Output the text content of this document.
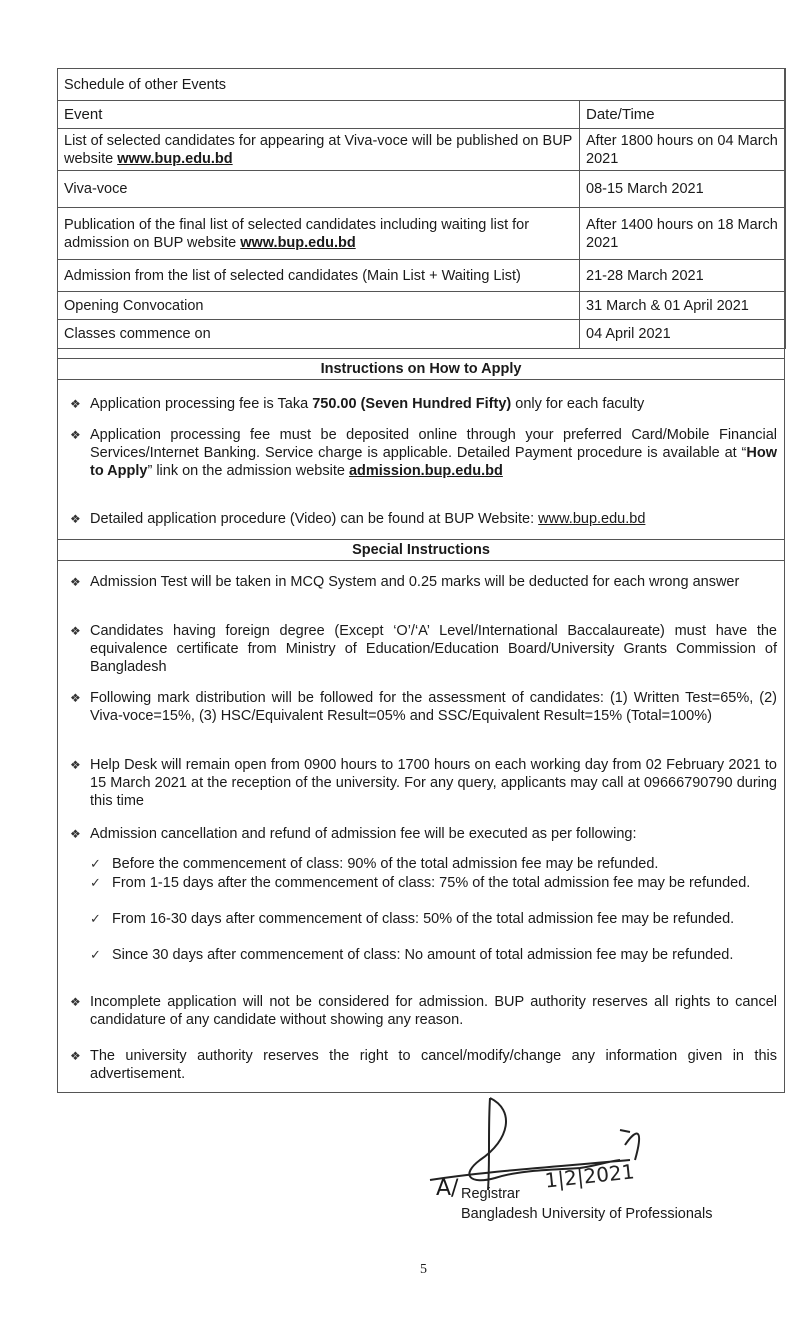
Schedule of other Events	
Event	Date/Time
List of selected candidates for appearing at Viva-voce will be published on BUP website www.bup.edu.bd	After 1800 hours on 04 March 2021
Viva-voce	08-15 March 2021
Publication of the final list of selected candidates including waiting list for admission on BUP website www.bup.edu.bd	After 1400 hours on 18 March 2021
Admission from the list of selected candidates (Main List + Waiting List)	21-28 March 2021
Opening Convocation	31 March & 01 April 2021
Classes commence on	04 April 2021
Instructions on How to Apply
❖ Application processing fee is Taka 750.00 (Seven Hundred Fifty) only for each faculty
❖ Application processing fee must be deposited online through your preferred Card/Mobile Financial Services/Internet Banking. Service charge is applicable. Detailed Payment procedure is available at “How to Apply” link on the admission website admission.bup.edu.bd
❖ Detailed application procedure (Video) can be found at BUP Website: www.bup.edu.bd
Special Instructions
❖ Admission Test will be taken in MCQ System and 0.25 marks will be deducted for each wrong answer
❖ Candidates having foreign degree (Except ‘O’/‘A’ Level/International Baccalaureate) must have the equivalence certificate from Ministry of Education/Education Board/University Grants Commission of Bangladesh
❖ Following mark distribution will be followed for the assessment of candidates: (1) Written Test=65%, (2) Viva-voce=15%, (3) HSC/Equivalent Result=05% and SSC/Equivalent Result=15% (Total=100%)
❖ Help Desk will remain open from 0900 hours to 1700 hours on each working day from 02 February 2021 to 15 March 2021 at the reception of the university. For any query, applicants may call at 09666790790 during this time
❖ Admission cancellation and refund of admission fee will be executed as per following:
✓ Before the commencement of class: 90% of the total admission fee may be refunded.
✓ From 1-15 days after the commencement of class: 75% of the total admission fee may be refunded.
✓ From 16-30 days after commencement of class: 50% of the total admission fee may be refunded.
✓ Since 30 days after commencement of class: No amount of total admission fee may be refunded.
❖ Incomplete application will not be considered for admission. BUP authority reserves all rights to cancel candidature of any candidate without showing any reason.
❖ The university authority reserves the right to cancel/modify/change any information given in this advertisement.
1|2|2021
A/ Registrar
Bangladesh University of Professionals
5
